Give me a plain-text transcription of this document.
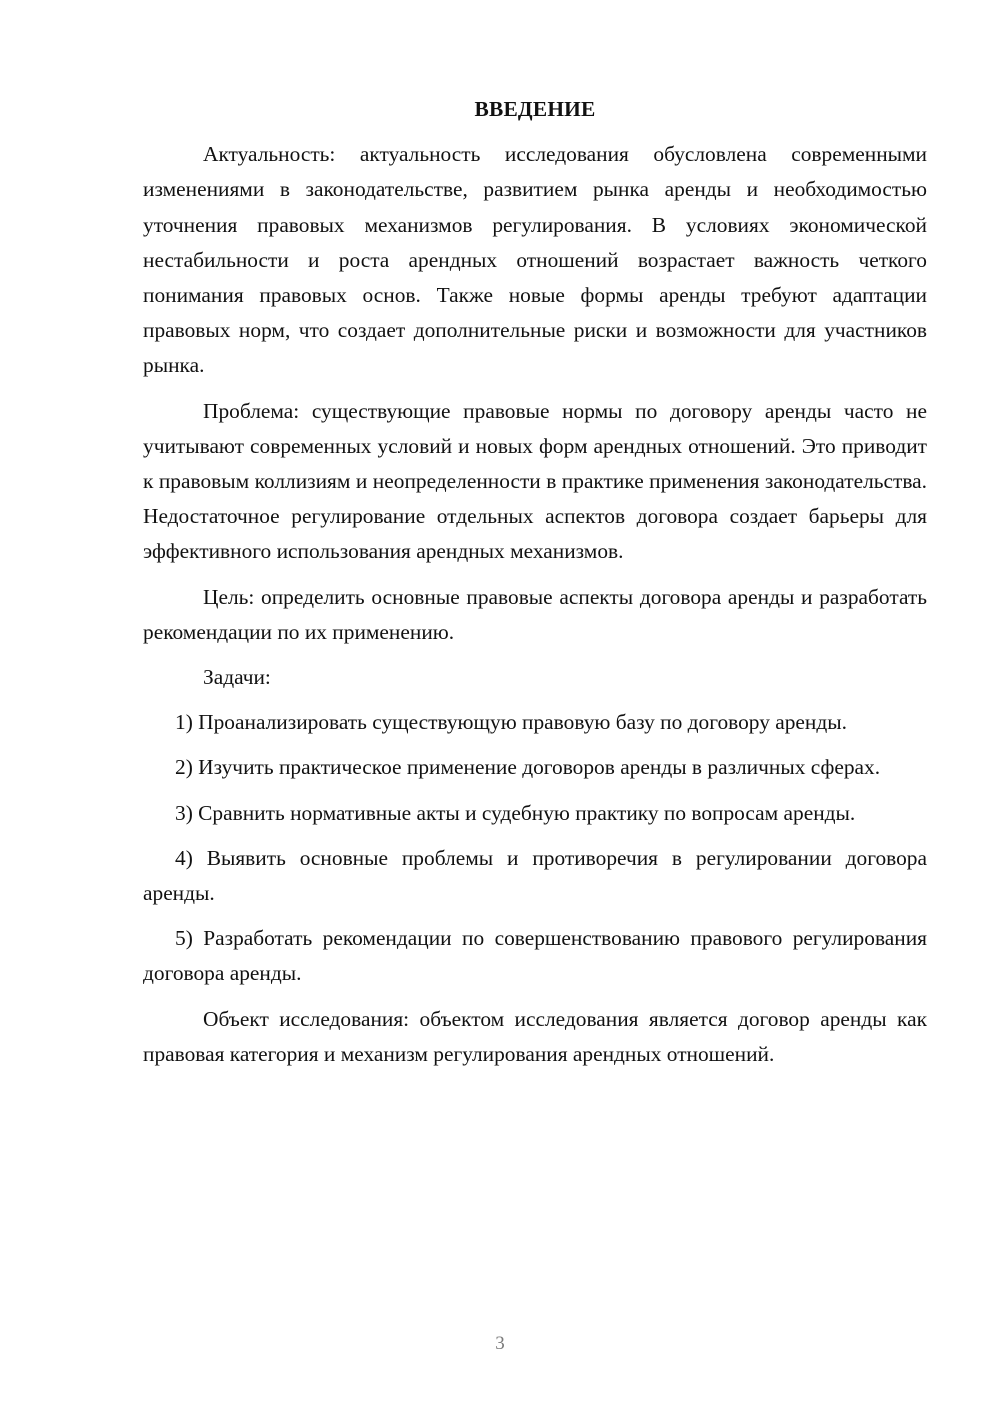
ВВЕДЕНИЕ

Актуальность: актуальность исследования обусловлена современными изменениями в законодательстве, развитием рынка аренды и необходимостью уточнения правовых механизмов регулирования. В условиях экономической нестабильности и роста арендных отношений возрастает важность четкого понимания правовых основ. Также новые формы аренды требуют адаптации правовых норм, что создает дополнительные риски и возможности для участников рынка.

Проблема: существующие правовые нормы по договору аренды часто не учитывают современных условий и новых форм арендных отношений. Это приводит к правовым коллизиям и неопределенности в практике применения законодательства. Недостаточное регулирование отдельных аспектов договора создает барьеры для эффективного использования арендных механизмов.

Цель: определить основные правовые аспекты договора аренды и разработать рекомендации по их применению.

Задачи:

1) Проанализировать существующую правовую базу по договору аренды.

2) Изучить практическое применение договоров аренды в различных сферах.

3) Сравнить нормативные акты и судебную практику по вопросам аренды.

4) Выявить основные проблемы и противоречия в регулировании договора аренды.

5) Разработать рекомендации по совершенствованию правового регулирования договора аренды.

Объект исследования: объектом исследования является договор аренды как правовая категория и механизм регулирования арендных отношений.

3
